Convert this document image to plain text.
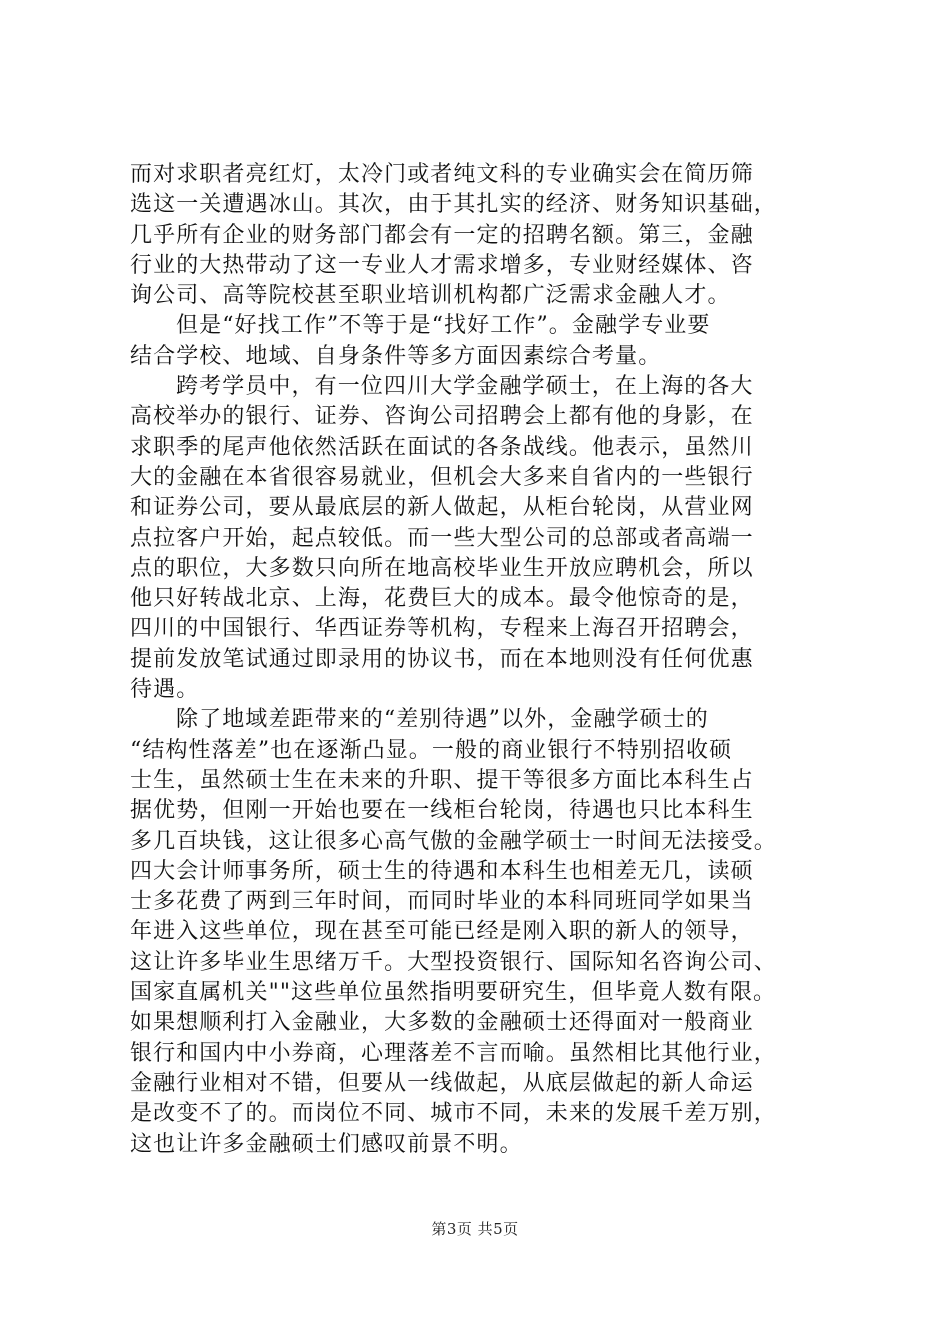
而对求职者亮红灯，太冷门或者纯文科的专业确实会在简历筛
选这一关遭遇冰山。其次，由于其扎实的经济、财务知识基础，
几乎所有企业的财务部门都会有一定的招聘名额。第三，金融
行业的大热带动了这一专业人才需求增多，专业财经媒体、咨
询公司、高等院校甚至职业培训机构都广泛需求金融人才。
但是“好找工作”不等于是“找好工作”。金融学专业要
结合学校、地域、自身条件等多方面因素综合考量。
跨考学员中，有一位四川大学金融学硕士，在上海的各大
高校举办的银行、证券、咨询公司招聘会上都有他的身影，在
求职季的尾声他依然活跃在面试的各条战线。他表示，虽然川
大的金融在本省很容易就业，但机会大多来自省内的一些银行
和证券公司，要从最底层的新人做起，从柜台轮岗，从营业网
点拉客户开始，起点较低。而一些大型公司的总部或者高端一
点的职位，大多数只向所在地高校毕业生开放应聘机会，所以
他只好转战北京、上海，花费巨大的成本。最令他惊奇的是，
四川的中国银行、华西证券等机构，专程来上海召开招聘会，
提前发放笔试通过即录用的协议书，而在本地则没有任何优惠
待遇。
除了地域差距带来的“差别待遇”以外，金融学硕士的
“结构性落差”也在逐渐凸显。一般的商业银行不特别招收硕
士生，虽然硕士生在未来的升职、提干等很多方面比本科生占
据优势，但刚一开始也要在一线柜台轮岗，待遇也只比本科生
多几百块钱，这让很多心高气傲的金融学硕士一时间无法接受。
四大会计师事务所，硕士生的待遇和本科生也相差无几，读硕
士多花费了两到三年时间，而同时毕业的本科同班同学如果当
年进入这些单位，现在甚至可能已经是刚入职的新人的领导，
这让许多毕业生思绪万千。大型投资银行、国际知名咨询公司、
国家直属机关""这些单位虽然指明要研究生，但毕竟人数有限。
如果想顺利打入金融业，大多数的金融硕士还得面对一般商业
银行和国内中小券商，心理落差不言而喻。虽然相比其他行业，
金融行业相对不错，但要从一线做起，从底层做起的新人命运
是改变不了的。而岗位不同、城市不同，未来的发展千差万别，
这也让许多金融硕士们感叹前景不明。
第3页 共5页
